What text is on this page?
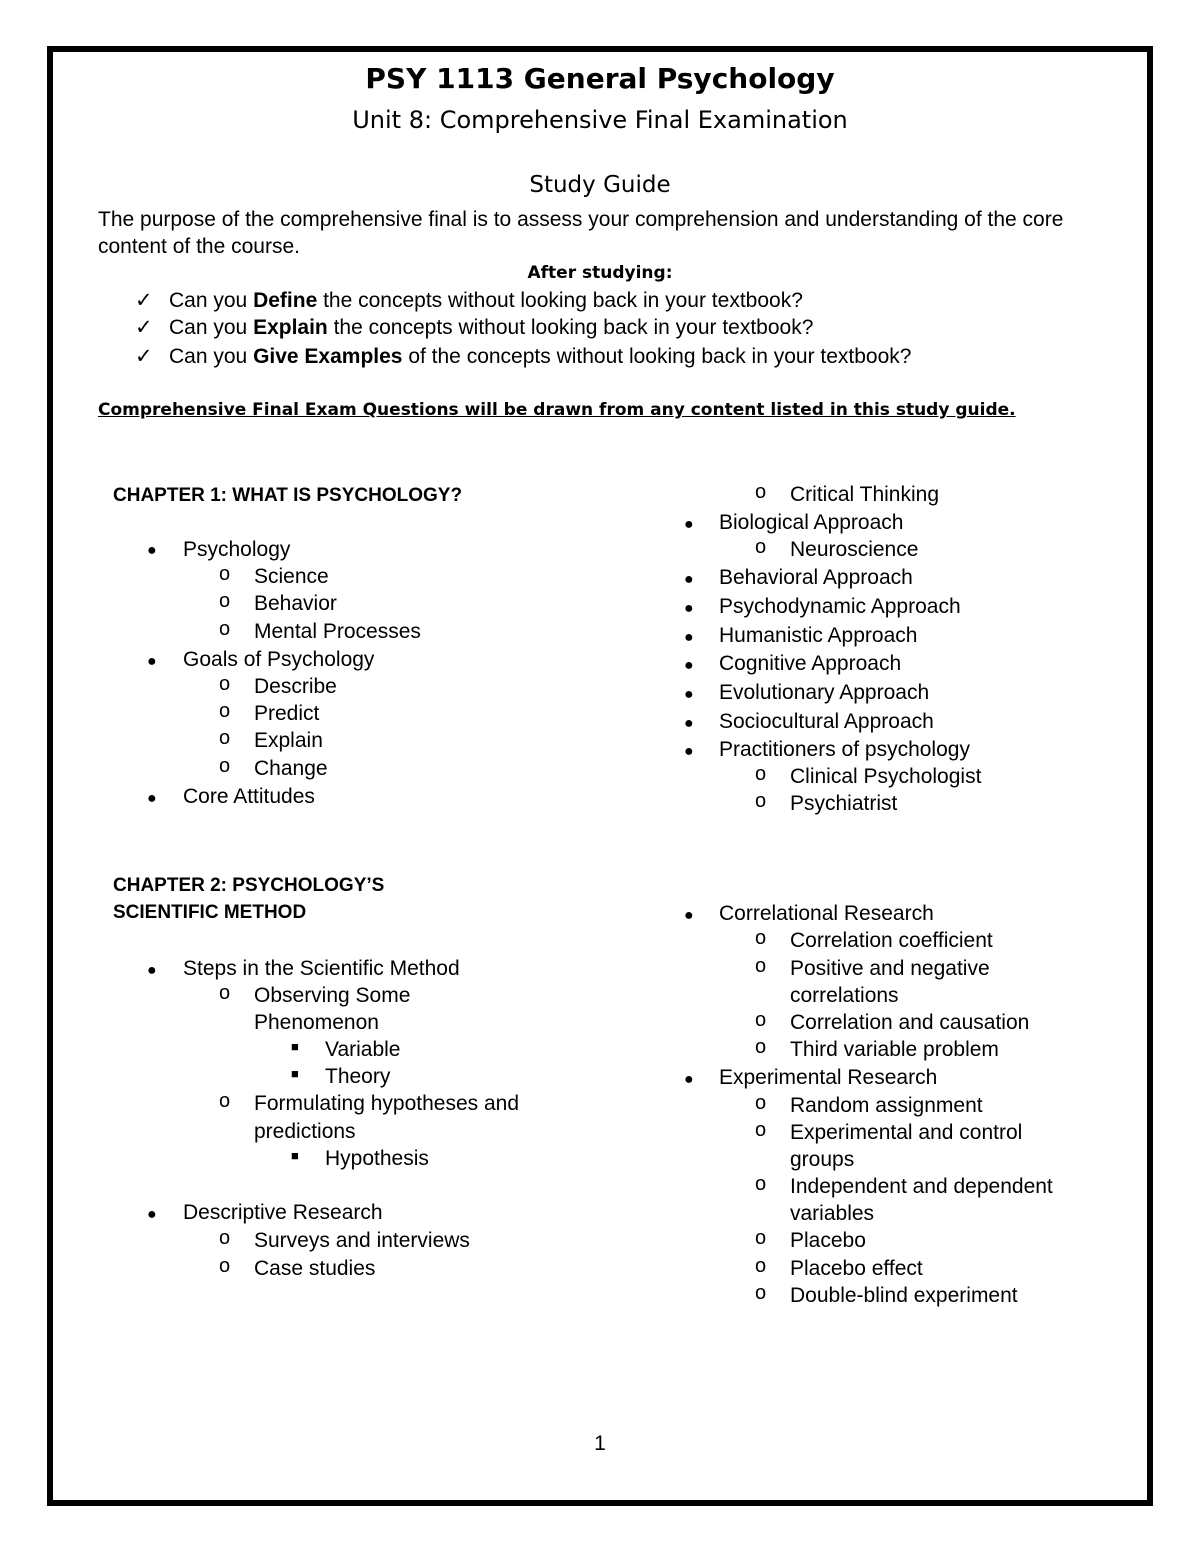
PSY 1113 General Psychology
Unit 8: Comprehensive Final Examination
Study Guide
The purpose of the comprehensive final is to assess your comprehension and understanding of the core content of the course.
After studying:
✓ Can you Define the concepts without looking back in your textbook?
✓ Can you Explain the concepts without looking back in your textbook?
✓ Can you Give Examples of the concepts without looking back in your textbook?
Comprehensive Final Exam Questions will be drawn from any content listed in this study guide.
CHAPTER 1: WHAT IS PSYCHOLOGY?
● Psychology
o Science
o Behavior
o Mental Processes
● Goals of Psychology
o Describe
o Predict
o Explain
o Change
● Core Attitudes
o Critical Thinking
● Biological Approach
o Neuroscience
● Behavioral Approach
● Psychodynamic Approach
● Humanistic Approach
● Cognitive Approach
● Evolutionary Approach
● Sociocultural Approach
● Practitioners of psychology
o Clinical Psychologist
o Psychiatrist
CHAPTER 2: PSYCHOLOGY’S
SCIENTIFIC METHOD
● Steps in the Scientific Method
o Observing Some
Phenomenon
■ Variable
■ Theory
o Formulating hypotheses and
predictions
■ Hypothesis
● Descriptive Research
o Surveys and interviews
o Case studies
● Correlational Research
o Correlation coefficient
o Positive and negative
correlations
o Correlation and causation
o Third variable problem
● Experimental Research
o Random assignment
o Experimental and control
groups
o Independent and dependent
variables
o Placebo
o Placebo effect
o Double-blind experiment
1
